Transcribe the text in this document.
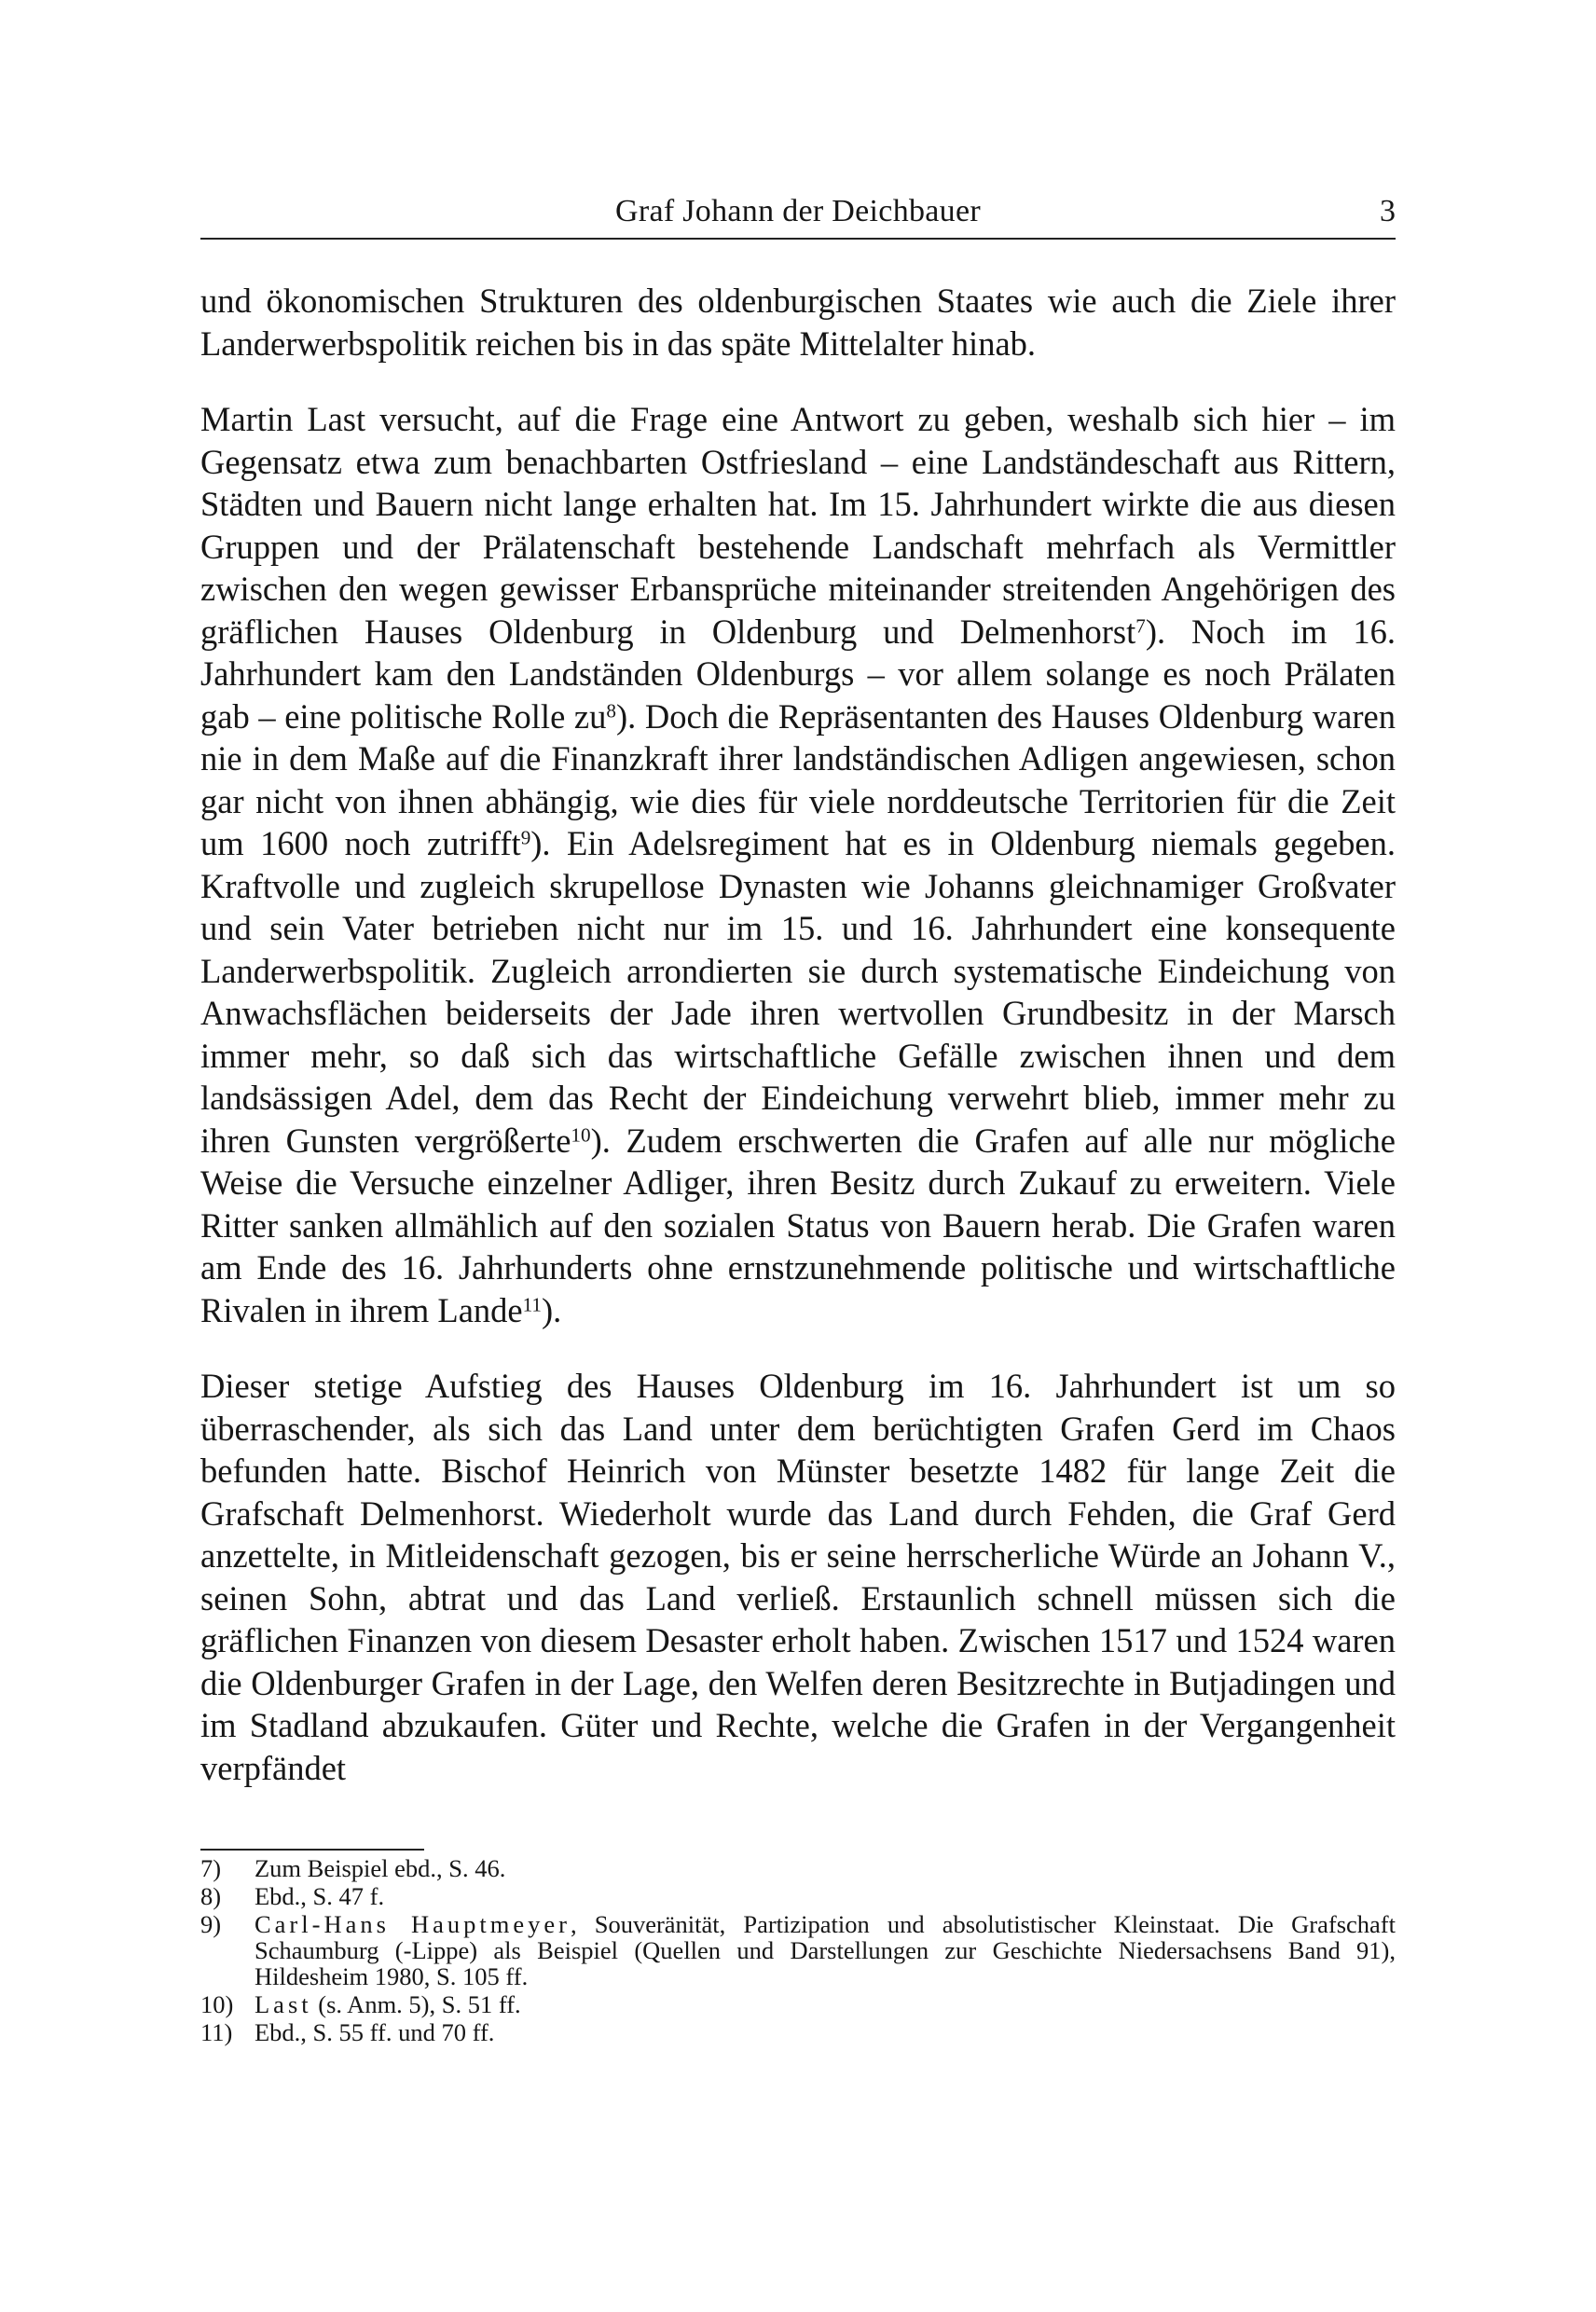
Graf Johann der Deichbauer	3

und ökonomischen Strukturen des oldenburgischen Staates wie auch die Ziele ihrer Landerwerbspolitik reichen bis in das späte Mittelalter hinab.

Martin Last versucht, auf die Frage eine Antwort zu geben, weshalb sich hier – im Gegensatz etwa zum benachbarten Ostfriesland – eine Landständeschaft aus Rittern, Städten und Bauern nicht lange erhalten hat. Im 15. Jahrhundert wirkte die aus diesen Gruppen und der Prälatenschaft bestehende Landschaft mehrfach als Vermittler zwischen den wegen gewisser Erbansprüche miteinander streitenden Angehörigen des gräflichen Hauses Oldenburg in Oldenburg und Delmenhorst$^7$). Noch im 16. Jahrhundert kam den Landständen Oldenburgs – vor allem solange es noch Prälaten gab – eine politische Rolle $zu^8$). Doch die Repräsentanten des Hauses Oldenburg waren nie in dem Maße auf die Finanzkraft ihrer landständischen Adligen angewiesen, schon gar nicht von ihnen abhängig, wie dies für viele norddeutsche Territorien für die Zeit um 1600 noch zutrifft$^9$). Ein Adelsregiment hat es in Oldenburg niemals gegeben. Kraftvolle und zugleich skrupellose Dynasten wie Johanns gleichnamiger Großvater und sein Vater betrieben nicht nur im 15. und 16. Jahrhundert eine konsequente Landerwerbspolitik. Zugleich arrondierten sie durch systematische Eindeichung von Anwachsflächen beiderseits der Jade ihren wertvollen Grundbesitz in der Marsch immer mehr, so daß sich das wirtschaftliche Gefälle zwischen ihnen und dem landsässigen Adel, dem das Recht der Eindeichung verwehrt blieb, immer mehr zu ihren Gunsten vergrößerte$^{10}$). Zudem erschwerten die Grafen auf alle nur mögliche Weise die Versuche einzelner Adliger, ihren Besitz durch Zukauf zu erweitern. Viele Ritter sanken allmählich auf den sozialen Status von Bauern herab. Die Grafen waren am Ende des 16. Jahrhunderts ohne ernstzunehmende politische und wirtschaftliche Rivalen in ihrem Lande$^{11}$).

Dieser stetige Aufstieg des Hauses Oldenburg im 16. Jahrhundert ist um so überraschender, als sich das Land unter dem berüchtigten Grafen Gerd im Chaos befunden hatte. Bischof Heinrich von Münster besetzte 1482 für lange Zeit die Grafschaft Delmenhorst. Wiederholt wurde das Land durch Fehden, die Graf Gerd anzettelte, in Mitleidenschaft gezogen, bis er seine herrscherliche Würde an Johann V., seinen Sohn, abtrat und das Land verließ. Erstaunlich schnell müssen sich die gräflichen Finanzen von diesem Desaster erholt haben. Zwischen 1517 und 1524 waren die Oldenburger Grafen in der Lage, den Welfen deren Besitzrechte in Butjadingen und im Stadland abzukaufen. Güter und Rechte, welche die Grafen in der Vergangenheit verpfändet

7)	Zum Beispiel ebd., S. 46.
8)	Ebd., S. 47 f.
9)	Carl-Hans Hauptmeyer, Souveränität, Partizipation und absolutistischer Kleinstaat. Die Grafschaft Schaumburg (-Lippe) als Beispiel (Quellen und Darstellungen zur Geschichte Niedersachsens Band 91), Hildesheim 1980, S. 105 ff.
10) Last (s. Anm. 5), S. 51 ff.
11) Ebd., S. 55 ff. und 70 ff.
